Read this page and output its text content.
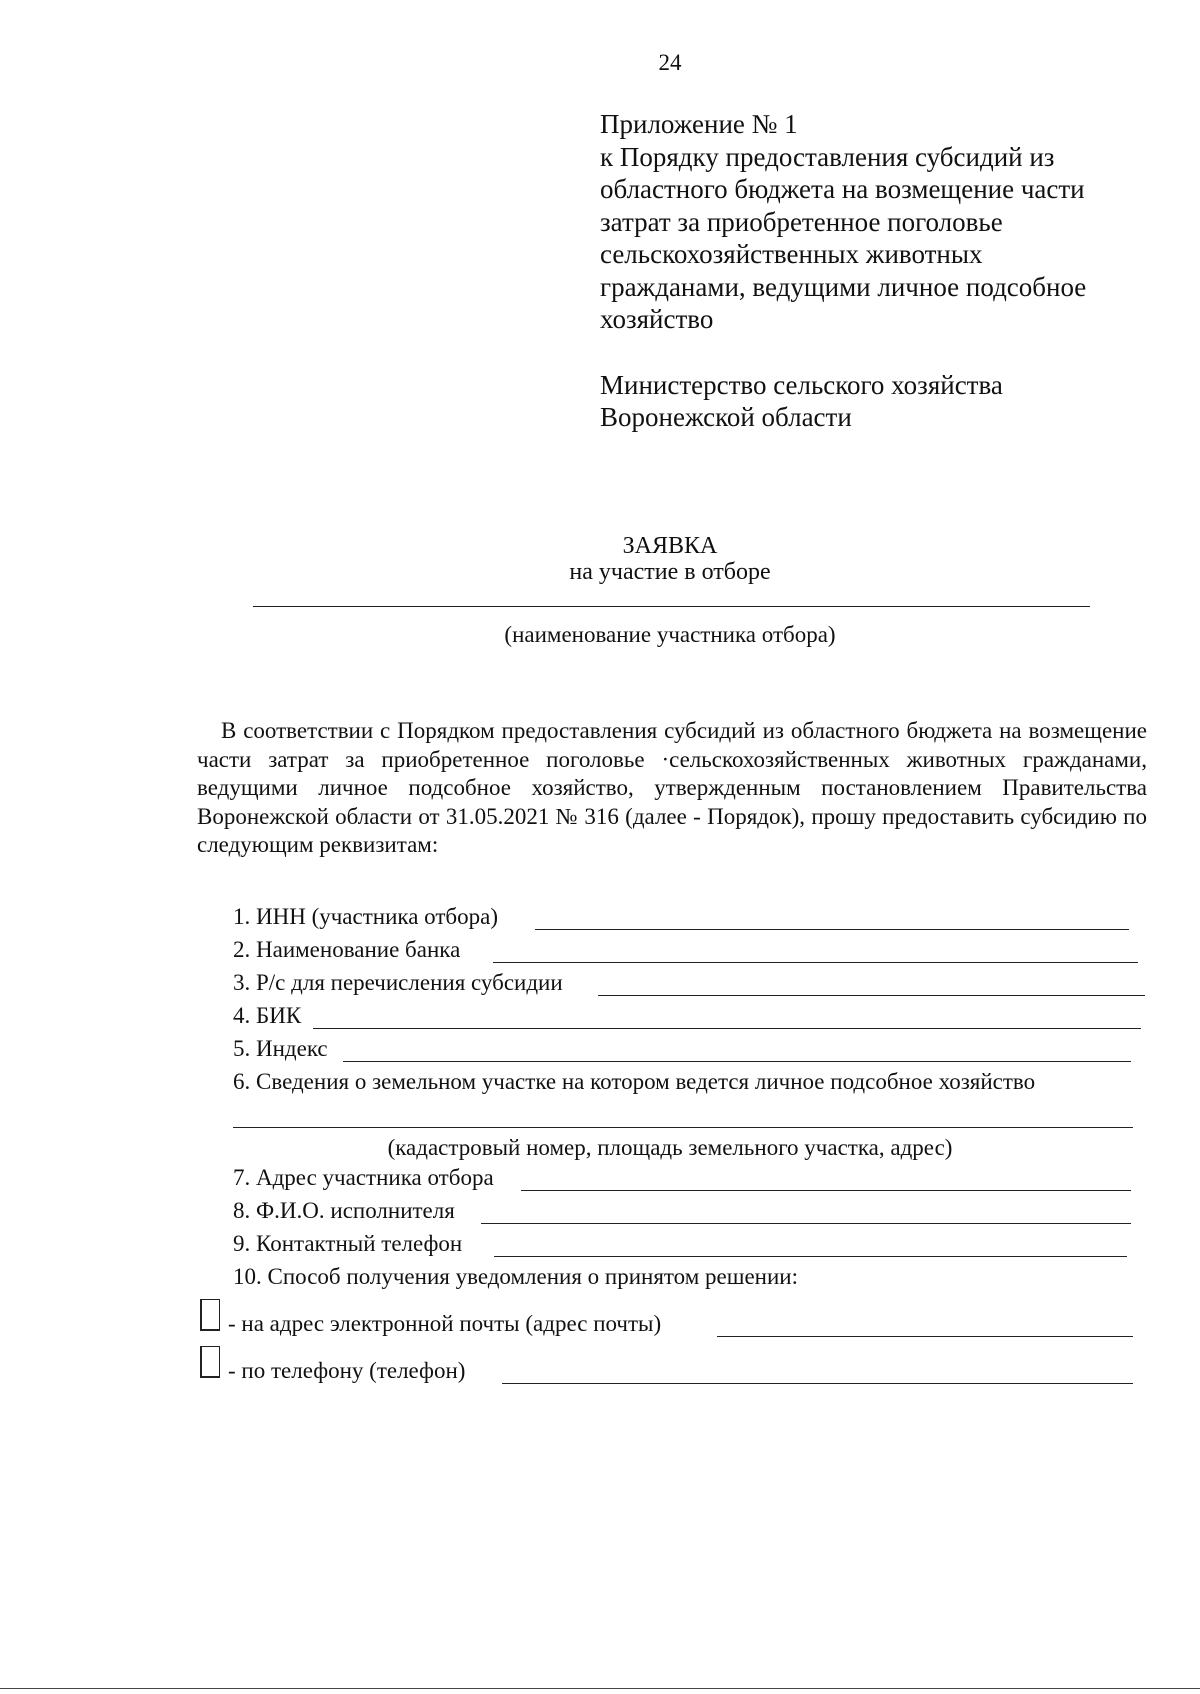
24
Приложение № 1
к Порядку предоставления субсидий из
областного бюджета на возмещение части
затрат за приобретенное поголовье
сельскохозяйственных животных
гражданами, ведущими личное подсобное
хозяйство
Министерство сельского хозяйства
Воронежской области
ЗАЯВКА
на участие в отборе
(наименование участника отбора)
В соответствии с Порядком предоставления субсидий из областного бюджета на возмещение части затрат за приобретенное поголовье ·сельскохозяйственных животных гражданами, ведущими личное подсобное хозяйство, утвержденным постановлением Правительства Воронежской области от 31.05.2021 № 316 (далее - Порядок), прошу предоставить субсидию по следующим реквизитам:
1. ИНН (участника отбора)
2. Наименование банка
3. Р/с для перечисления субсидии
4. БИК
5. Индекс
6. Сведения о земельном участке на котором ведется личное подсобное хозяйство
(кадастровый номер, площадь земельного участка, адрес)
7. Адрес участника отбора
8. Ф.И.О. исполнителя
9. Контактный телефон
10. Способ получения уведомления о принятом решении:
- на адрес электронной почты (адрес почты)
- по телефону (телефон)
